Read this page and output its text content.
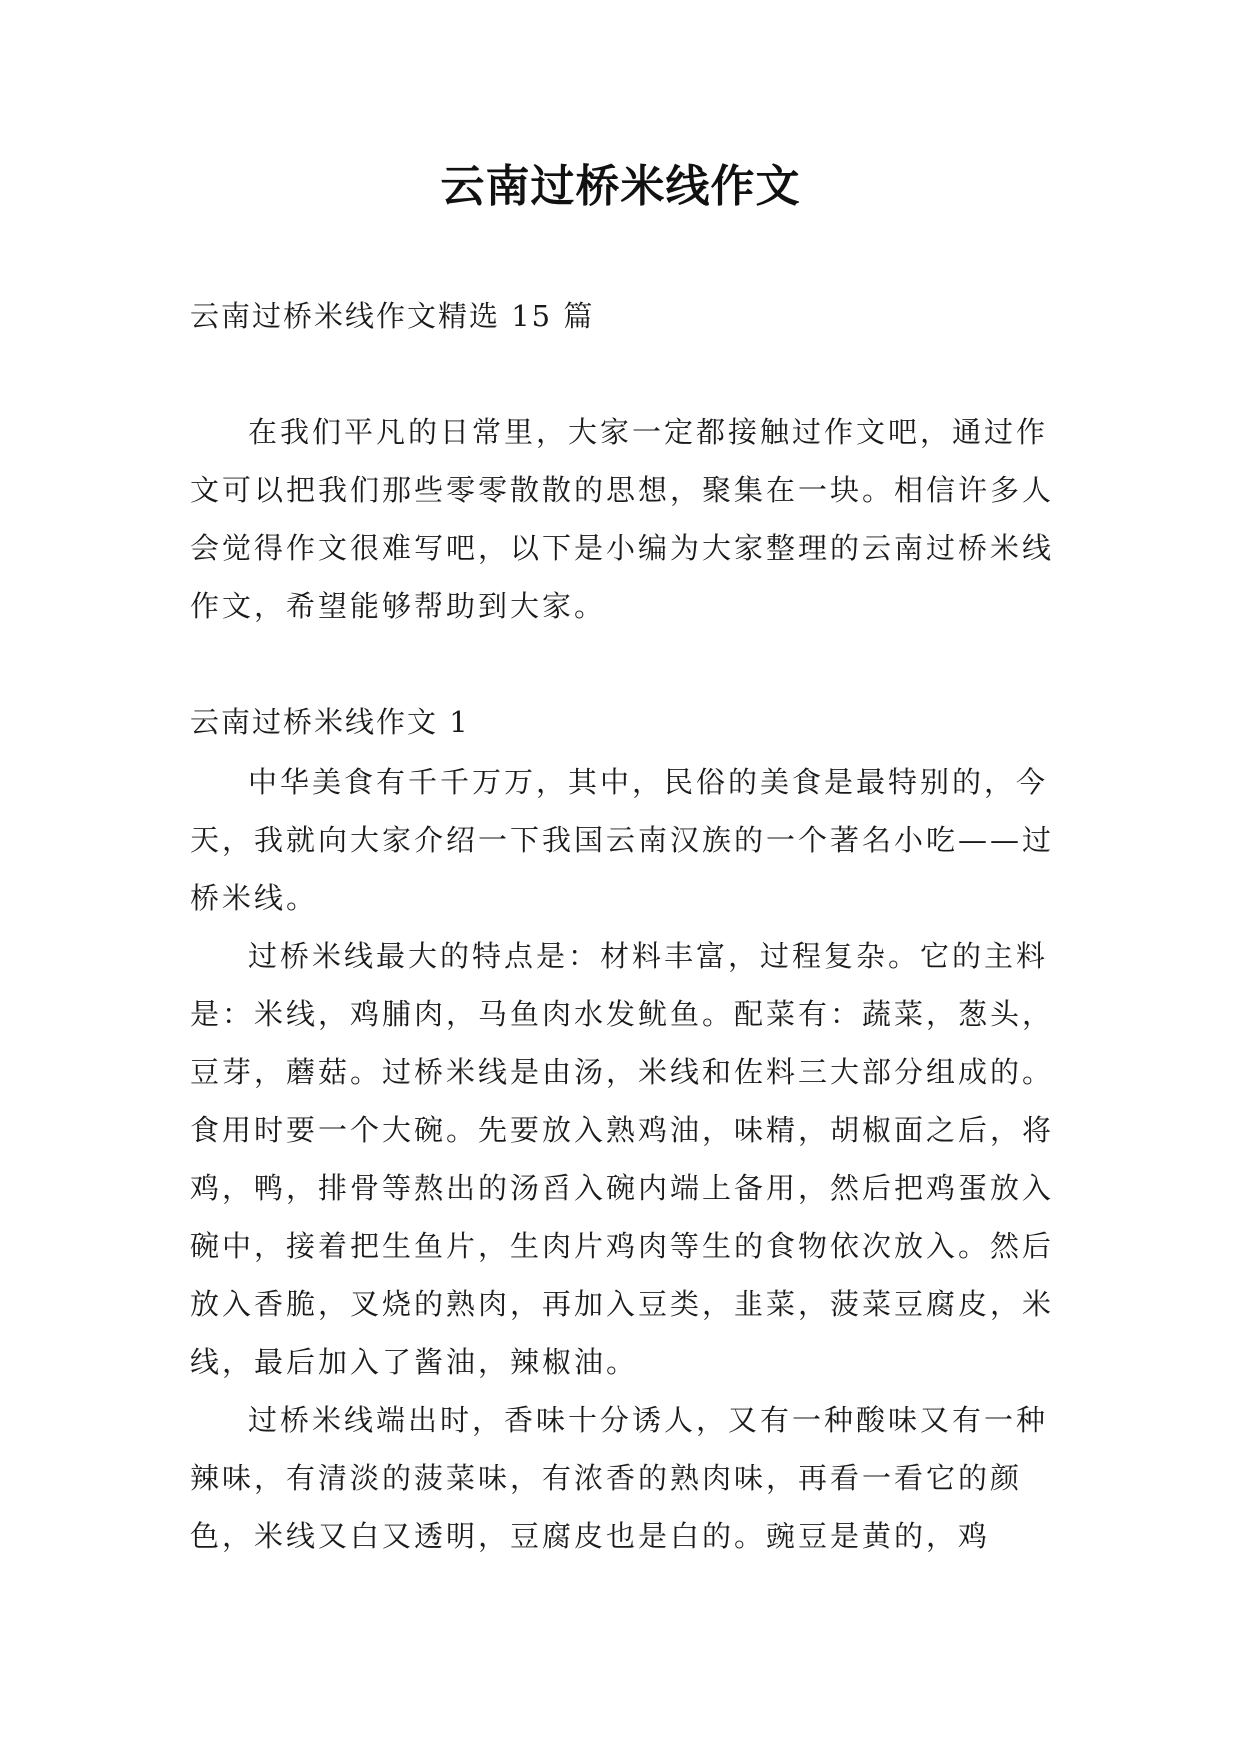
云南过桥米线作文
云南过桥米线作文精选 15 篇

在我们平凡的日常里，大家一定都接触过作文吧，通过作文可以把我们那些零零散散的思想，聚集在一块。相信许多人会觉得作文很难写吧，以下是小编为大家整理的云南过桥米线作文，希望能够帮助到大家。

云南过桥米线作文 1

中华美食有千千万万，其中，民俗的美食是最特别的，今天，我就向大家介绍一下我国云南汉族的一个著名小吃——过桥米线。

过桥米线最大的特点是：材料丰富，过程复杂。它的主料是：米线，鸡脯肉，马鱼肉水发鱿鱼。配菜有：蔬菜，葱头，豆芽，蘑菇。过桥米线是由汤，米线和佐料三大部分组成的。食用时要一个大碗。先要放入熟鸡油，味精，胡椒面之后，将鸡，鸭，排骨等熬出的汤舀入碗内端上备用，然后把鸡蛋放入碗中，接着把生鱼片，生肉片鸡肉等生的食物依次放入。然后放入香脆，叉烧的熟肉，再加入豆类，韭菜，菠菜豆腐皮，米线，最后加入了酱油，辣椒油。

过桥米线端出时，香味十分诱人，又有一种酸味又有一种辣味，有清淡的菠菜味，有浓香的熟肉味，再看一看它的颜色，米线又白又透明，豆腐皮也是白的。豌豆是黄的，鸡
